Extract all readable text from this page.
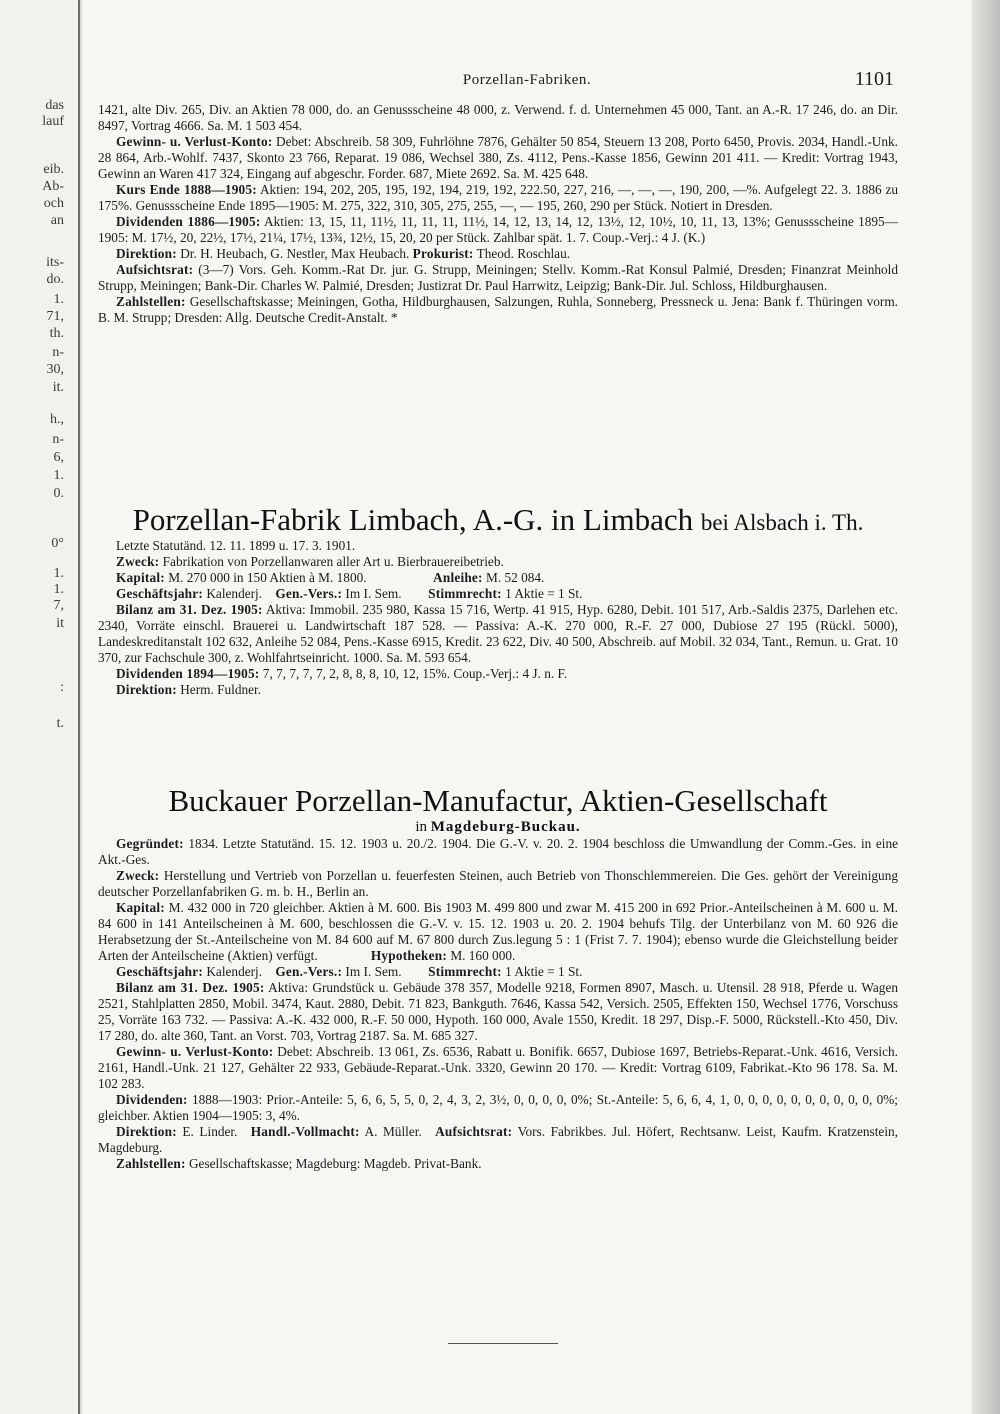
das
lauf
eib.
Ab-
och
an
its-
do.
1.
71,
th.
n-
30,
it.
h.,
n-
6,
1.
0.
0°
1.
1.
7,
it
:
t.
Porzellan-Fabriken.	1101

1421, alte Div. 265, Div. an Aktien 78 000, do. an Genussscheine 48 000, z. Verwend. f. d. Unternehmen 45 000, Tant. an A.-R. 17 246, do. an Dir. 8497, Vortrag 4666. Sa. M. 1 503 454.

Gewinn- u. Verlust-Konto: Debet: Abschreib. 58 309, Fuhrlöhne 7876, Gehälter 50 854, Steuern 13 208, Porto 6450, Provis. 2034, Handl.-Unk. 28 864, Arb.-Wohlf. 7437, Skonto 23 766, Reparat. 19 086, Wechsel 380, Zs. 4112, Pens.-Kasse 1856, Gewinn 201 411. — Kredit: Vortrag 1943, Gewinn an Waren 417 324, Eingang auf abgeschr. Forder. 687, Miete 2692. Sa. M. 425 648.

Kurs Ende 1888—1905: Aktien: 194, 202, 205, 195, 192, 194, 219, 192, 222.50, 227, 216, —, —, —, 190, 200, —%. Aufgelegt 22. 3. 1886 zu 175%. Genussscheine Ende 1895—1905: M. 275, 322, 310, 305, 275, 255, —, — 195, 260, 290 per Stück. Notiert in Dresden.

Dividenden 1886—1905: Aktien: 13, 15, 11, 11½, 11, 11, 11, 11½, 14, 12, 13, 14, 12, 13½, 12, 10½, 10, 11, 13, 13%; Genussscheine 1895—1905: M. 17½, 20, 22½, 17½, 21¼, 17½, 13¾, 12½, 15, 20, 20 per Stück. Zahlbar spät. 1. 7. Coup.-Verj.: 4 J. (K.)

Direktion: Dr. H. Heubach, G. Nestler, Max Heubach. Prokurist: Theod. Roschlau.

Aufsichtsrat: (3—7) Vors. Geh. Komm.-Rat Dr. jur. G. Strupp, Meiningen; Stellv. Komm.-Rat Konsul Palmié, Dresden; Finanzrat Meinhold Strupp, Meiningen; Bank-Dir. Charles W. Palmié, Dresden; Justizrat Dr. Paul Harrwitz, Leipzig; Bank-Dir. Jul. Schloss, Hildburghausen.

Zahlstellen: Gesellschaftskasse; Meiningen, Gotha, Hildburghausen, Salzungen, Ruhla, Sonneberg, Pressneck u. Jena: Bank f. Thüringen vorm. B. M. Strupp; Dresden: Allg. Deutsche Credit-Anstalt. *

Porzellan-Fabrik Limbach, A.-G. in Limbach bei Alsbach i. Th.

Letzte Statutänd. 12. 11. 1899 u. 17. 3. 1901.

Zweck: Fabrikation von Porzellanwaren aller Art u. Bierbrauereibetrieb.

Kapital: M. 270 000 in 150 Aktien à M. 1800.     	Anleihe: M. 52 084.

Geschäftsjahr: Kalenderj.  Gen.-Vers.: Im I. Sem.   Stimmrecht: 1 Aktie = 1 St.

Bilanz am 31. Dez. 1905: Aktiva: Immobil. 235 980, Kassa 15 716, Wertp. 41 915, Hyp. 6280, Debit. 101 517, Arb.-Saldis 2375, Darlehen etc. 2340, Vorräte einschl. Brauerei u. Landwirtschaft 187 528. — Passiva: A.-K. 270 000, R.-F. 27 000, Dubiose 27 195 (Rückl. 5000), Landeskreditanstalt 102 632, Anleihe 52 084, Pens.-Kasse 6915, Kredit. 23 622, Div. 40 500, Abschreib. auf Mobil. 32 034, Tant., Remun. u. Grat. 10 370, zur Fachschule 300, z. Wohlfahrtseinricht. 1000. Sa. M. 593 654.

Dividenden 1894—1905: 7, 7, 7, 7, 7, 2, 8, 8, 8, 10, 12, 15%. Coup.-Verj.: 4 J. n. F.

Direktion: Herm. Fuldner.

Buckauer Porzellan-Manufactur, Aktien-Gesellschaft
in Magdeburg-Buckau.

Gegründet: 1834. Letzte Statutänd. 15. 12. 1903 u. 20./2. 1904. Die G.-V. v. 20. 2. 1904 beschloss die Umwandlung der Comm.-Ges. in eine Akt.-Ges.

Zweck: Herstellung und Vertrieb von Porzellan u. feuerfesten Steinen, auch Betrieb von Thonschlemmereien. Die Ges. gehört der Vereinigung deutscher Porzellanfabriken G. m. b. H., Berlin an.

Kapital: M. 432 000 in 720 gleichber. Aktien à M. 600. Bis 1903 M. 499 800 und zwar M. 415 200 in 692 Prior.-Anteilscheinen à M. 600 u. M. 84 600 in 141 Anteilscheinen à M. 600, beschlossen die G.-V. v. 15. 12. 1903 u. 20. 2. 1904 behufs Tilg. der Unterbilanz von M. 60 926 die Herabsetzung der St.-Anteilscheine von M. 84 600 auf M. 67 800 durch Zus.legung 5 : 1 (Frist 7. 7. 1904); ebenso wurde die Gleichstellung beider Arten der Anteilscheine (Aktien) verfügt.    	Hypotheken: M. 160 000.

Geschäftsjahr: Kalenderj.  Gen.-Vers.: Im I. Sem.   Stimmrecht: 1 Aktie = 1 St.

Bilanz am 31. Dez. 1905: Aktiva: Grundstück u. Gebäude 378 357, Modelle 9218, Formen 8907, Masch. u. Utensil. 28 918, Pferde u. Wagen 2521, Stahlplatten 2850, Mobil. 3474, Kaut. 2880, Debit. 71 823, Bankguth. 7646, Kassa 542, Versich. 2505, Effekten 150, Wechsel 1776, Vorschuss 25, Vorräte 163 732. — Passiva: A.-K. 432 000, R.-F. 50 000, Hypoth. 160 000, Avale 1550, Kredit. 18 297, Disp.-F. 5000, Rückstell.-Kto 450, Div. 17 280, do. alte 360, Tant. an Vorst. 703, Vortrag 2187. Sa. M. 685 327.

Gewinn- u. Verlust-Konto: Debet: Abschreib. 13 061, Zs. 6536, Rabatt u. Bonifik. 6657, Dubiose 1697, Betriebs-Reparat.-Unk. 4616, Versich. 2161, Handl.-Unk. 21 127, Gehälter 22 933, Gebäude-Reparat.-Unk. 3320, Gewinn 20 170. — Kredit: Vortrag 6109, Fabrikat.-Kto 96 178. Sa. M. 102 283.

Dividenden: 1888—1903: Prior.-Anteile: 5, 6, 6, 5, 5, 0, 2, 4, 3, 2, 3½, 0, 0, 0, 0, 0%; St.-Anteile: 5, 6, 6, 4, 1, 0, 0, 0, 0, 0, 0, 0, 0, 0, 0, 0%; gleichber. Aktien 1904—1905: 3, 4%.

Direktion: E. Linder.  Handl.-Vollmacht: A. Müller.  Aufsichtsrat: Vors. Fabrikbes. Jul. Höfert, Rechtsanw. Leist, Kaufm. Kratzenstein, Magdeburg.

Zahlstellen: Gesellschaftskasse; Magdeburg: Magdeb. Privat-Bank.
